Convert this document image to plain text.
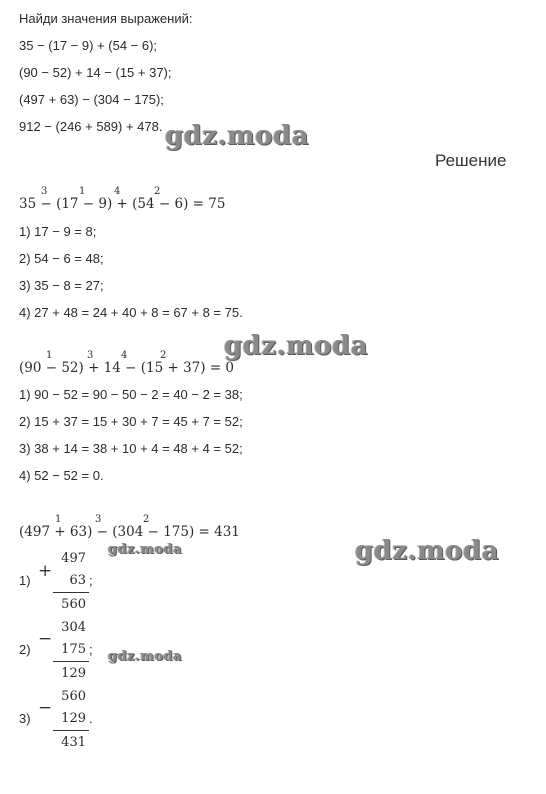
Найди значения выражений:
35 − (17 − 9) + (54 − 6);
(90 − 52) + 14 − (15 + 37);
(497 + 63) − (304 − 175);
912 − (246 + 589) + 478. gdz.moda
Решение
3	1	4	2
35 − (17 − 9) + (54 − 6) = 75
1) 17 − 9 = 8;
2) 54 − 6 = 48;
3) 35 − 8 = 27;
4) 27 + 48 = 24 + 40 + 8 = 67 + 8 = 75.
gdz.moda
1	3	4	2
(90 − 52) + 14 − (15 + 37) = 0
1) 90 − 52 = 90 − 50 − 2 = 40 − 2 = 38;
2) 15 + 37 = 15 + 30 + 7 = 45 + 7 = 52;
3) 38 + 14 = 38 + 10 + 4 = 48 + 4 = 52;
4) 52 − 52 = 0.
1	3	2
(497 + 63) − (304 − 175) = 431
gdz.moda
1) +
497
63 ;
560
gdz.moda
2)
−
304
175 ;
129
gdz.moda
3)
−
560
129 .
431
